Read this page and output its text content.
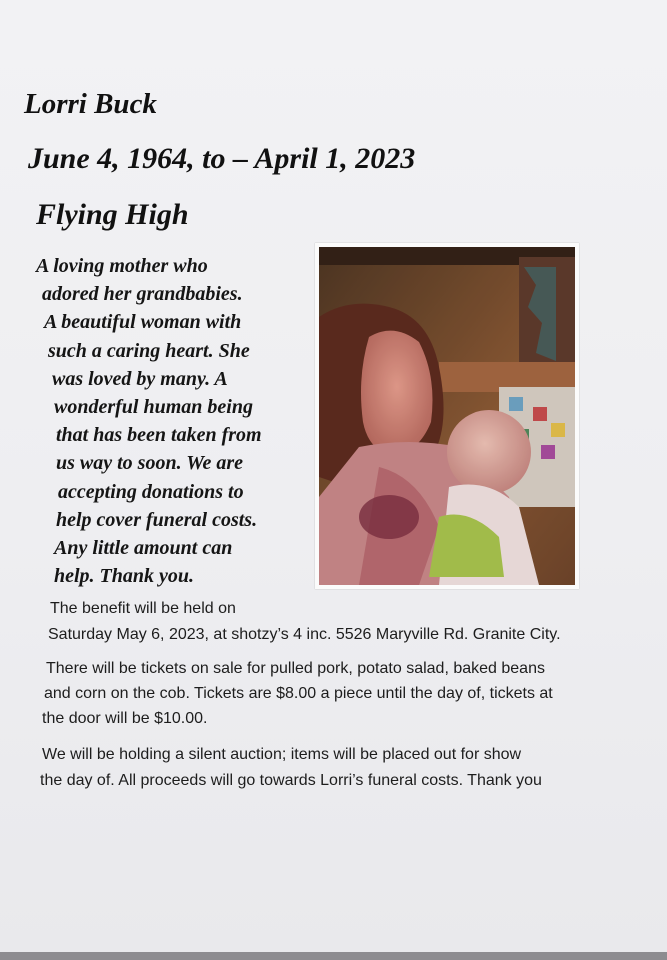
Lorri Buck
June 4, 1964, to – April 1, 2023
Flying High
A loving mother who
adored her grandbabies.
A beautiful woman with
such a caring heart. She
was loved by many. A
wonderful human being
that has been taken from
us way to soon. We are
accepting donations to
help cover funeral costs.
Any little amount can
help. Thank you.
The benefit will be held on
Saturday May 6, 2023, at shotzy’s 4 inc. 5526 Maryville Rd. Granite City.
There will be tickets on sale for pulled pork, potato salad, baked beans
and corn on the cob. Tickets are $8.00 a piece until the day of, tickets at
the door will be $10.00.
We will be holding a silent auction; items will be placed out for show
the day of. All proceeds will go towards Lorri’s funeral costs. Thank you
